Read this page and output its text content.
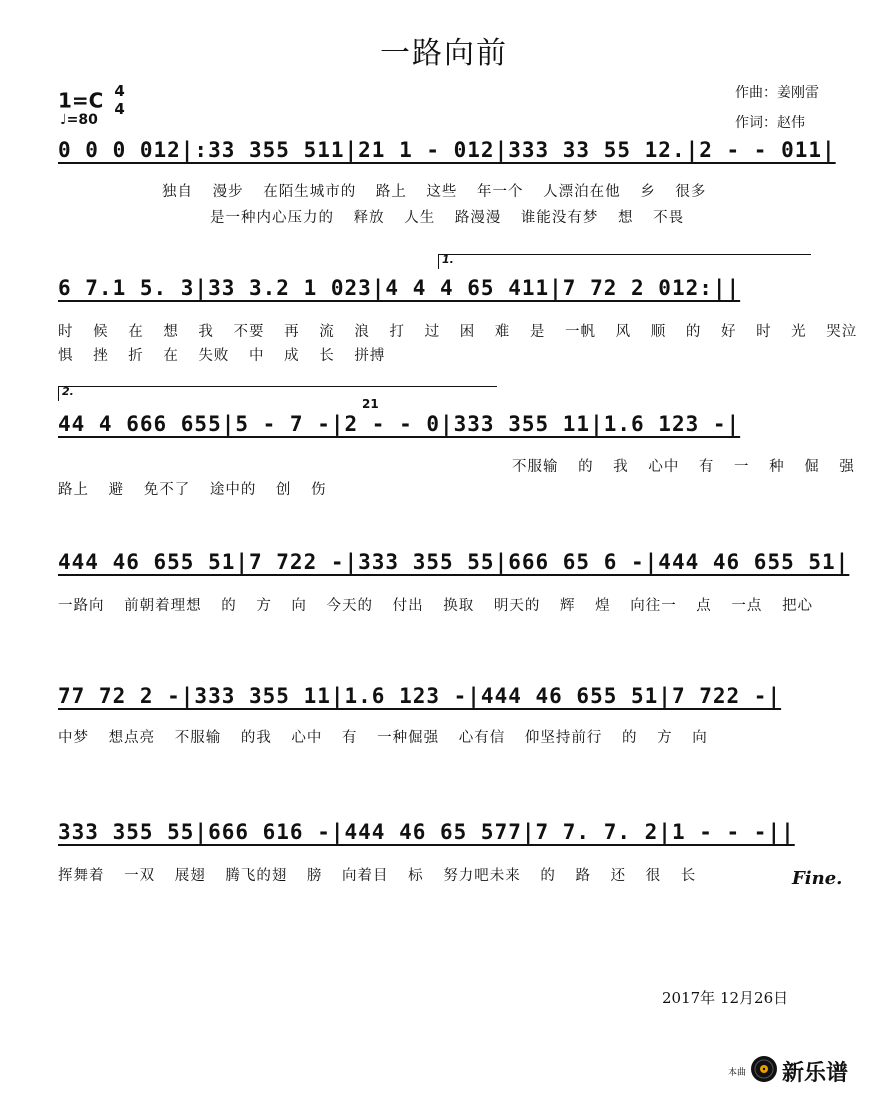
一路向前
1=C 4
4
♩=80
作曲：姜刚雷
作词：赵伟
0 0 0 012|:33 355 511|21 1 - 012|333 33 55 12.|2 - - 011|
独自 漫步 在陌生城市的 路上 这些 年一个 人漂泊在他 乡 很多
是一种内心压力的 释放 人生 路漫漫 谁能没有梦 想 不畏
1.
6 7.1 5. 3|33 3.2 1 023|4 4 4 65 411|7 72 2 012:||
时 候 在 想 我 不要 再 流 浪 打 过 困 难 是 一帆 风 顺 的 好 时 光 哭泣
惧 挫 折 在 失败 中 成 长 拼搏
2.
21
44 4 666 655|5 - 7 -|2 - - 0|333 355 11|1.6 123 -|
不服输 的 我 心中 有 一 种 倔 强
路上 避 免不了 途中的 创 伤
444 46 655 51|7 722 -|333 355 55|666 65 6 -|444 46 655 51|
一路向 前朝着理想 的 方 向 今天的 付出 换取 明天的 辉 煌 向往一 点 一点 把心
77 72 2 -|333 355 11|1.6 123 -|444 46 655 51|7 722 -|
中梦 想点亮 不服输 的我 心中 有 一种倔强 心有信 仰坚持前行 的 方 向
333 355 55|666 616 -|444 46 65 577|7 7. 7. 2|1 - - -||
挥舞着 一双 展翅 腾飞的翅 膀 向着目 标 努力吧未来 的 路 还 很 长	Fine.
2017年 12月26日
本曲 新乐谱
